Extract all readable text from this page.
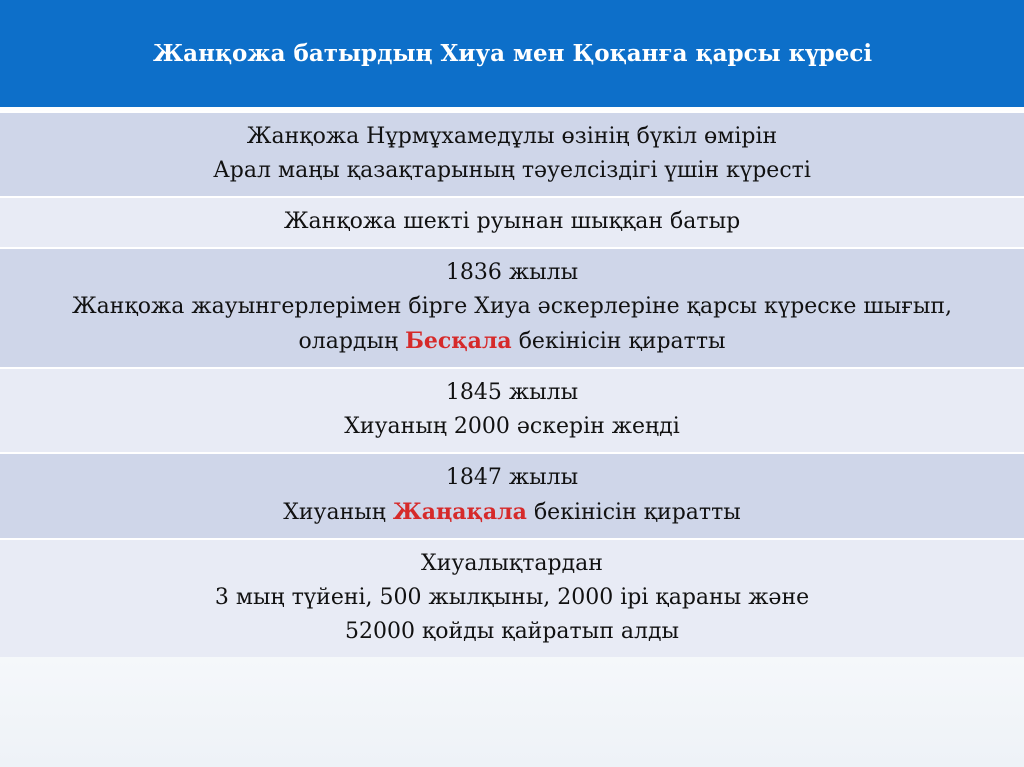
Жанқожа батырдың Хиуа мен Қоқанға қарсы күресі
Жанқожа Нұрмұхамедұлы өзінің бүкіл өмірін
Арал маңы қазақтарының тәуелсіздігі үшін күресті

Жанқожа шекті руынан шыққан батыр

1836 жылы
Жанқожа жауынгерлерімен бірге Хиуа әскерлеріне қарсы күреске шығып,
олардың Бесқала бекінісін қиратты

1845 жылы
Хиуаның 2000 әскерін жеңді

1847 жылы
Хиуаның Жаңақала бекінісін қиратты

Хиуалықтардан
3 мың түйені, 500 жылқыны, 2000 ірі қараны және
52000 қойды қайратып алды
